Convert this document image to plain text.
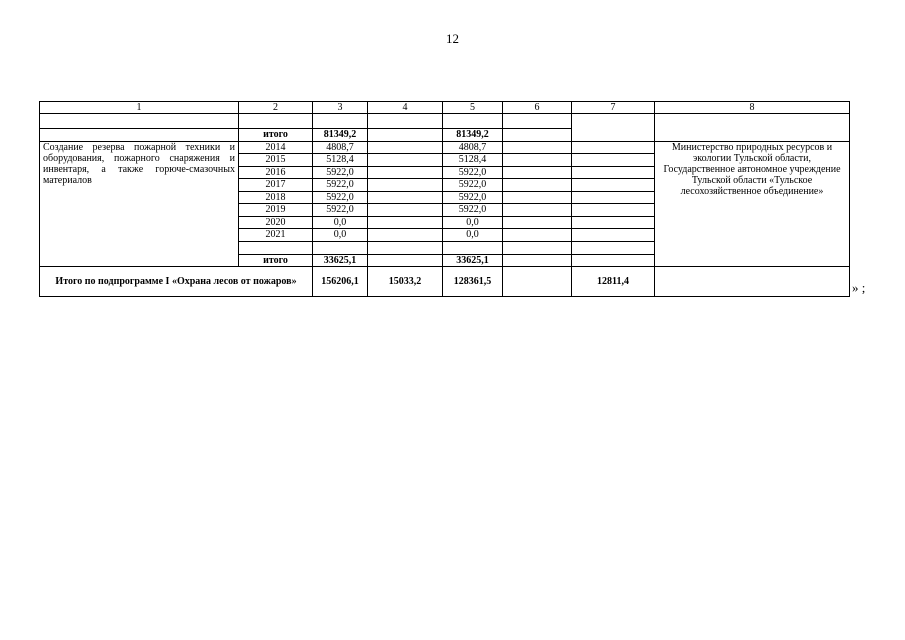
12
1	2	3	4	5	6	7	8

	итого	81349,2		81349,2			
Создание резерва пожарной техники и оборудования, пожарного снаряжения и инвентаря, а также горюче-смазочных материалов	2014	4808,7		4808,7			Министерство природных ресурсов и экологии Тульской области, Государственное автономное учреждение Тульской области «Тульское лесохозяйственное объединение»
	2015	5128,4		5128,4			
	2016	5922,0		5922,0			
	2017	5922,0		5922,0			
	2018	5922,0		5922,0			
	2019	5922,0		5922,0			
	2020	0,0		0,0			
	2021	0,0		0,0			

	итого	33625,1		33625,1			
Итого по подпрограмме I «Охрана лесов от пожаров»		156206,1	15033,2	128361,5		12811,4		» ;
